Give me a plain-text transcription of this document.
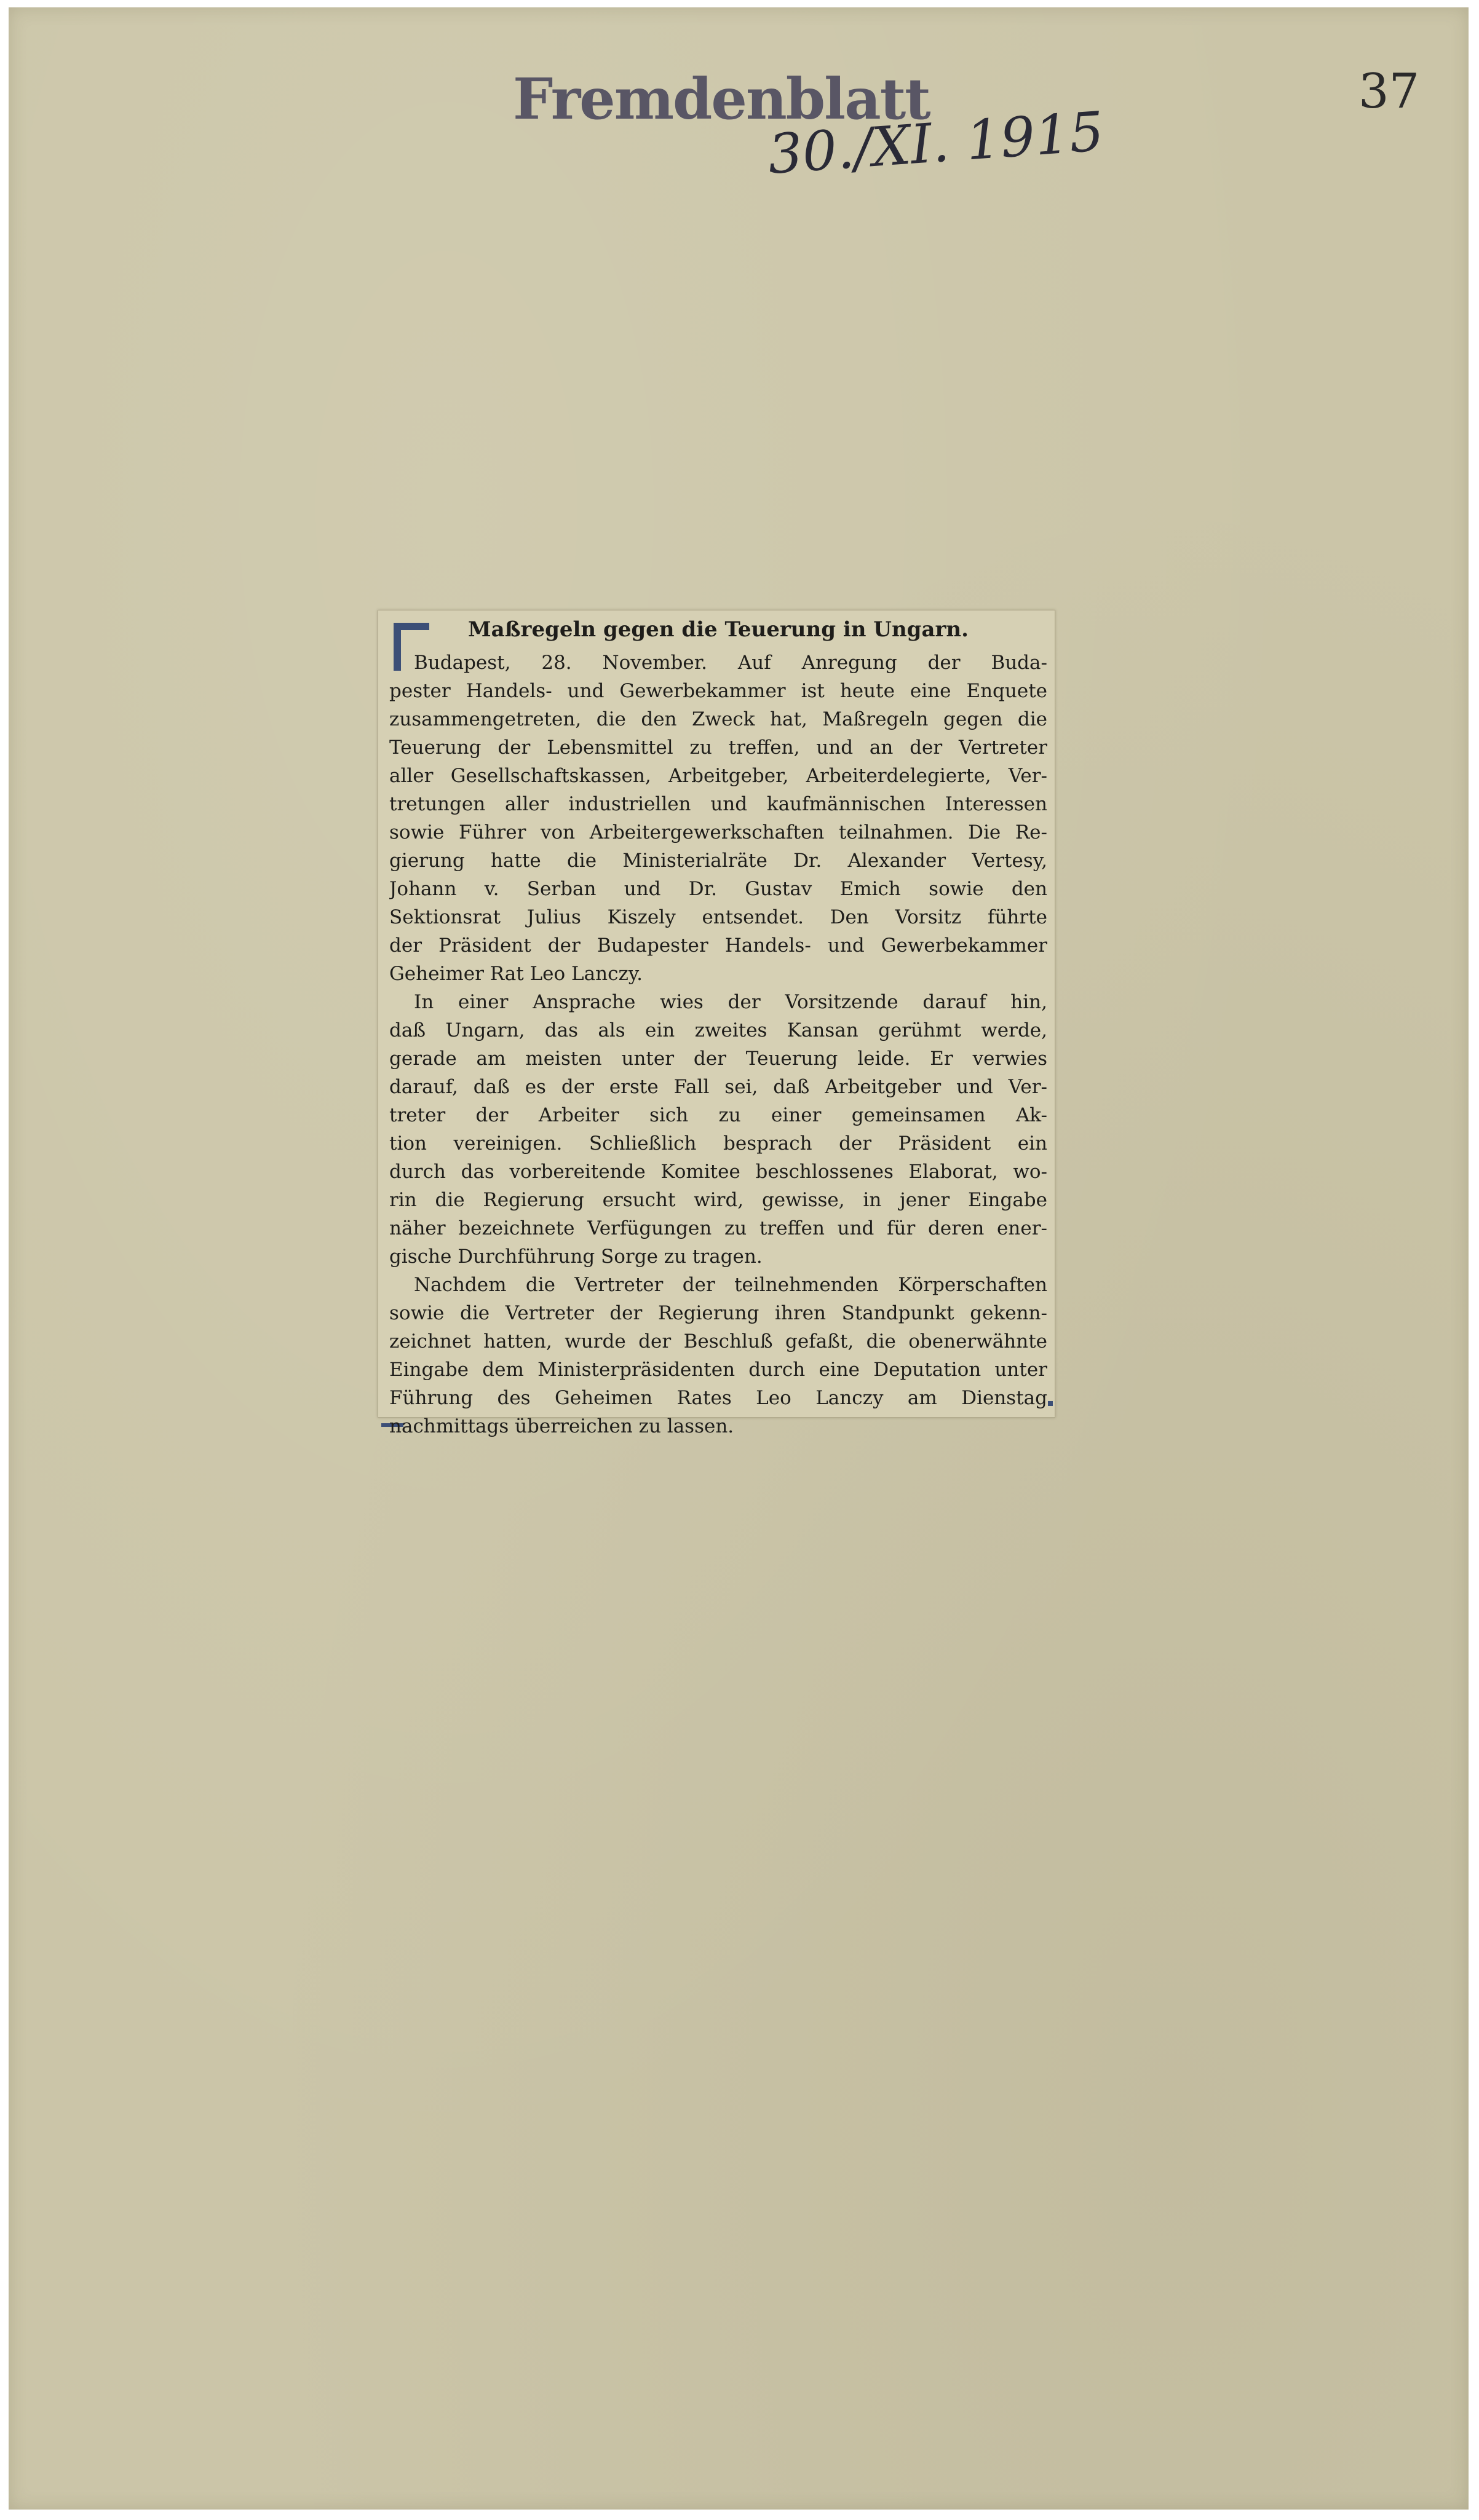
Fremdenblatt
30./XI. 1915
37
Maßregeln gegen die Teuerung in Ungarn.
Budapest, 28. November. Auf Anregung der Buda-
pester Handels- und Gewerbekammer ist heute eine Enquete
zusammengetreten, die den Zweck hat, Maßregeln gegen die
Teuerung der Lebensmittel zu treffen, und an der Vertreter
aller Gesellschaftskassen, Arbeitgeber, Arbeiterdelegierte, Ver-
tretungen aller industriellen und kaufmännischen Interessen
sowie Führer von Arbeitergewerkschaften teilnahmen. Die Re-
gierung hatte die Ministerialräte Dr. Alexander Vertesy,
Johann v. Serban und Dr. Gustav Emich sowie den
Sektionsrat Julius Kiszely entsendet. Den Vorsitz führte
der Präsident der Budapester Handels- und Gewerbekammer
Geheimer Rat Leo Lanczy.
In einer Ansprache wies der Vorsitzende darauf hin,
daß Ungarn, das als ein zweites Kansan gerühmt werde,
gerade am meisten unter der Teuerung leide. Er verwies
darauf, daß es der erste Fall sei, daß Arbeitgeber und Ver-
treter der Arbeiter sich zu einer gemeinsamen Ak-
tion vereinigen. Schließlich besprach der Präsident ein
durch das vorbereitende Komitee beschlossenes Elaborat, wo-
rin die Regierung ersucht wird, gewisse, in jener Eingabe
näher bezeichnete Verfügungen zu treffen und für deren ener-
gische Durchführung Sorge zu tragen.
Nachdem die Vertreter der teilnehmenden Körperschaften
sowie die Vertreter der Regierung ihren Standpunkt gekenn-
zeichnet hatten, wurde der Beschluß gefaßt, die obenerwähnte
Eingabe dem Ministerpräsidenten durch eine Deputation unter
Führung des Geheimen Rates Leo Lanczy am Dienstag
nachmittags überreichen zu lassen.
